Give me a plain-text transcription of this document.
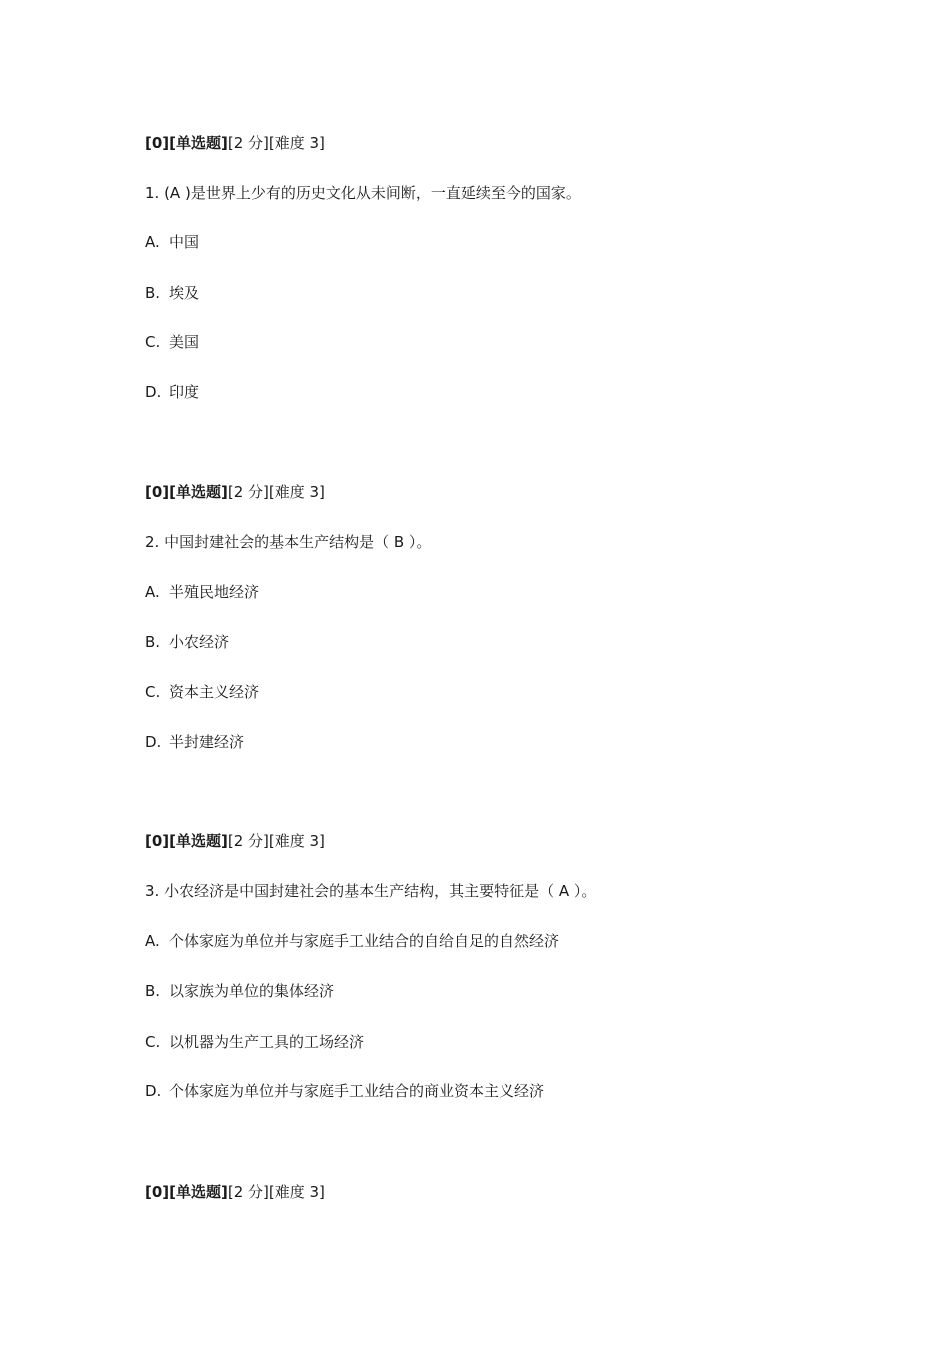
[0][单选题][2 分][难度 3]
1. (A )是世界上少有的历史文化从未间断，一直延续至今的国家。
A. 中国
B. 埃及
C. 美国
D. 印度
[0][单选题][2 分][难度 3]
2. 中国封建社会的基本生产结构是（ B ）。
A. 半殖民地经济
B. 小农经济
C. 资本主义经济
D. 半封建经济
[0][单选题][2 分][难度 3]
3. 小农经济是中国封建社会的基本生产结构，其主要特征是（ A ）。
A. 个体家庭为单位并与家庭手工业结合的自给自足的自然经济
B. 以家族为单位的集体经济
C. 以机器为生产工具的工场经济
D. 个体家庭为单位并与家庭手工业结合的商业资本主义经济
[0][单选题][2 分][难度 3]
